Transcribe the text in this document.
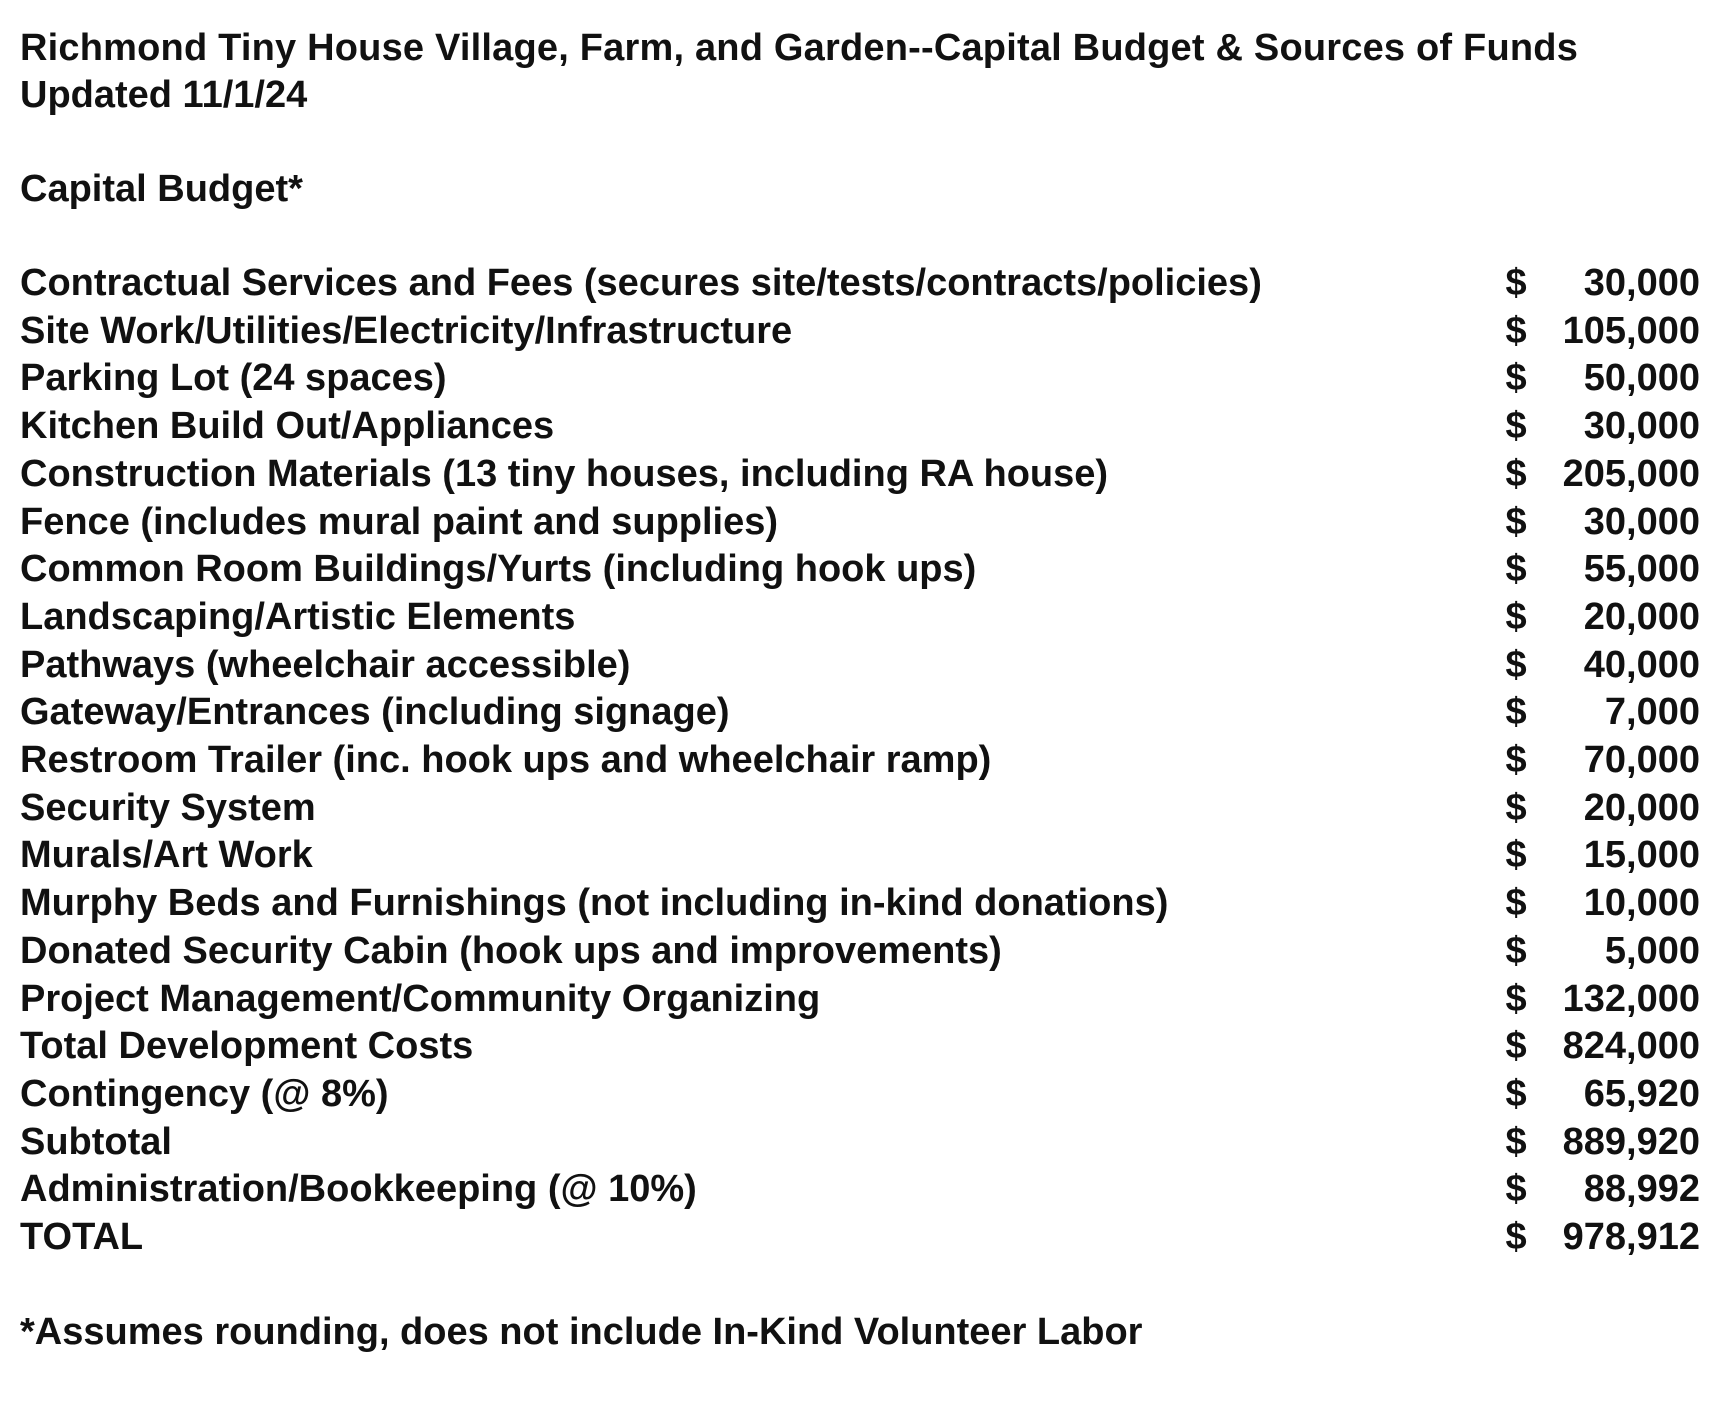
Richmond Tiny House Village, Farm, and Garden--Capital Budget & Sources of Funds
Updated 11/1/24
Capital Budget*
Contractual Services and Fees (secures site/tests/contracts/policies)	$	30,000
Site Work/Utilities/Electricity/Infrastructure	$	105,000
Parking Lot (24 spaces)	$	50,000
Kitchen Build Out/Appliances	$	30,000
Construction Materials (13 tiny houses, including RA house)	$	205,000
Fence (includes mural paint and supplies)	$	30,000
Common Room Buildings/Yurts (including hook ups)	$	55,000
Landscaping/Artistic Elements	$	20,000
Pathways (wheelchair accessible)	$	40,000
Gateway/Entrances (including signage)	$	7,000
Restroom Trailer (inc. hook ups and wheelchair ramp)	$	70,000
Security System	$	20,000
Murals/Art Work	$	15,000
Murphy Beds and Furnishings (not including in-kind donations)	$	10,000
Donated Security Cabin (hook ups and improvements)	$	5,000
Project Management/Community Organizing	$	132,000
Total Development Costs	$	824,000
Contingency (@ 8%)	$	65,920
Subtotal	$	889,920
Administration/Bookkeeping (@ 10%)	$	88,992
TOTAL	$	978,912
*Assumes rounding, does not include In-Kind Volunteer Labor
